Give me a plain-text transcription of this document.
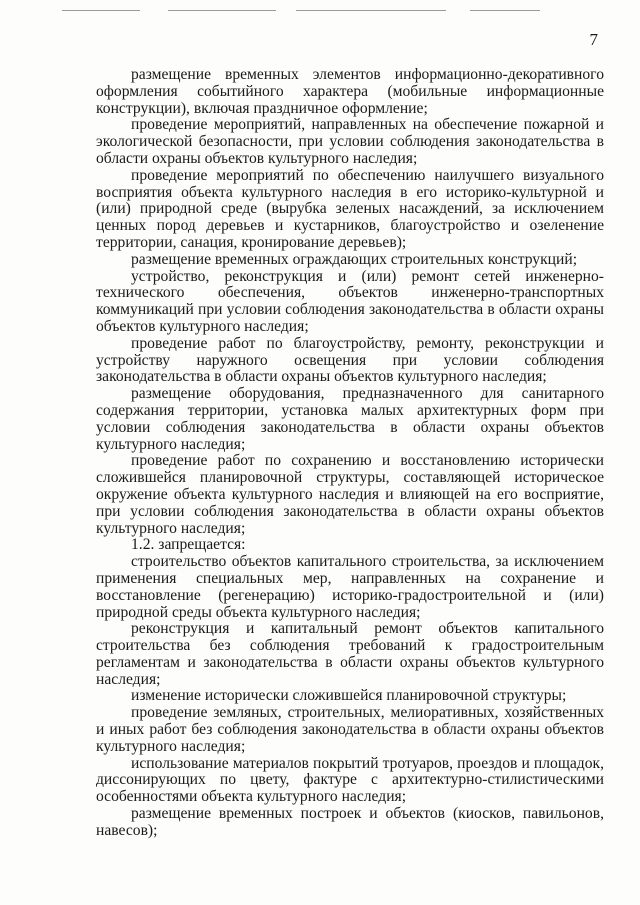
7

размещение временных элементов информационно-декоративного оформления событийного характера (мобильные информационные конструкции), включая праздничное оформление;

проведение мероприятий, направленных на обеспечение пожарной и экологической безопасности, при условии соблюдения законодательства в области охраны объектов культурного наследия;

проведение мероприятий по обеспечению наилучшего визуального восприятия объекта культурного наследия в его историко-культурной и (или) природной среде (вырубка зеленых насаждений, за исключением ценных пород деревьев и кустарников, благоустройство и озеленение территории, санация, кронирование деревьев);

размещение временных ограждающих строительных конструкций;

устройство, реконструкция и (или) ремонт сетей инженерно-технического обеспечения, объектов инженерно-транспортных коммуникаций при условии соблюдения законодательства в области охраны объектов культурного наследия;

проведение работ по благоустройству, ремонту, реконструкции и устройству наружного освещения при условии соблюдения законодательства в области охраны объектов культурного наследия;

размещение оборудования, предназначенного для санитарного содержания территории, установка малых архитектурных форм при условии соблюдения законодательства в области охраны объектов культурного наследия;

проведение работ по сохранению и восстановлению исторически сложившейся планировочной структуры, составляющей историческое окружение объекта культурного наследия и влияющей на его восприятие, при условии соблюдения законодательства в области охраны объектов культурного наследия;

1.2. запрещается:

строительство объектов капитального строительства, за исключением применения специальных мер, направленных на сохранение и восстановление (регенерацию) историко-градостроительной и (или) природной среды объекта культурного наследия;

реконструкция и капитальный ремонт объектов капитального строительства без соблюдения требований к градостроительным регламентам и законодательства в области охраны объектов культурного наследия;

изменение исторически сложившейся планировочной структуры;

проведение земляных, строительных, мелиоративных, хозяйственных и иных работ без соблюдения законодательства в области охраны объектов культурного наследия;

использование материалов покрытий тротуаров, проездов и площадок, диссонирующих по цвету, фактуре с архитектурно-стилистическими особенностями объекта культурного наследия;

размещение временных построек и объектов (киосков, павильонов, навесов);
